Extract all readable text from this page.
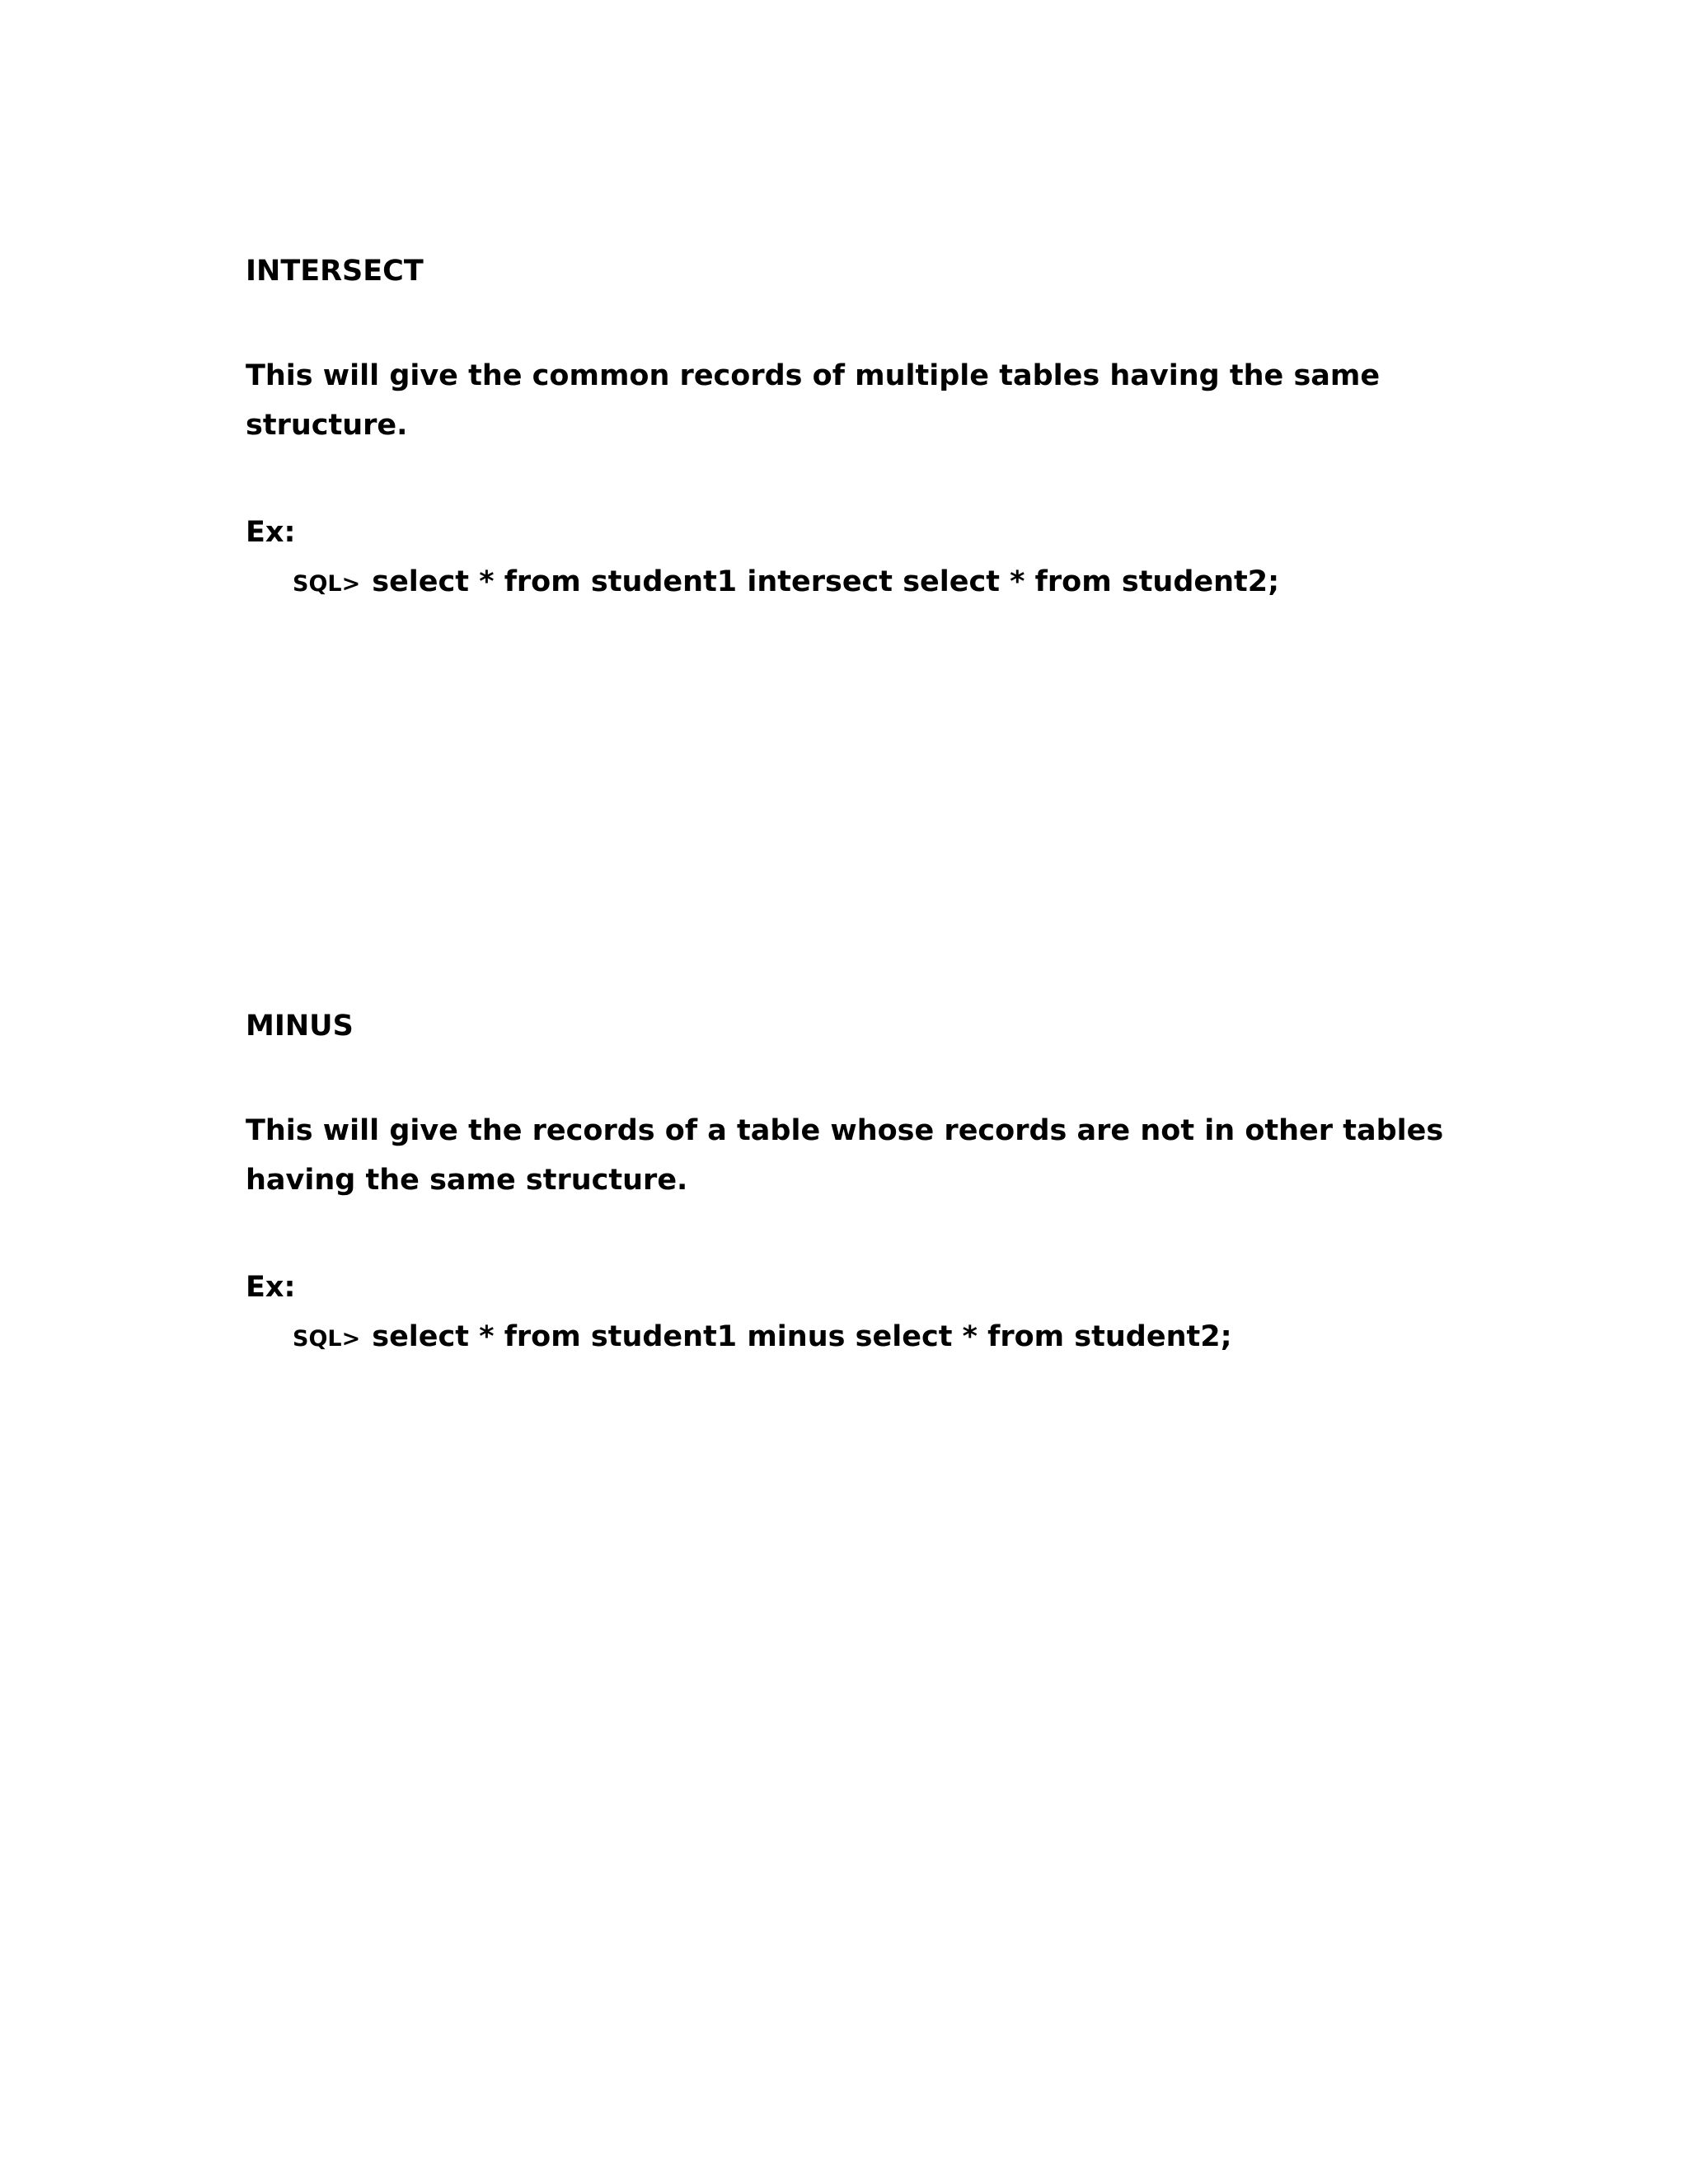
INTERSECT

This will give the common records of multiple tables having the same

structure.

Ex:

SQL> select * from student1 intersect select * from student2;

MINUS

This will give the records of a table whose records are not in other tables

having the same structure.

Ex:

SQL> select * from student1 minus select * from student2;
